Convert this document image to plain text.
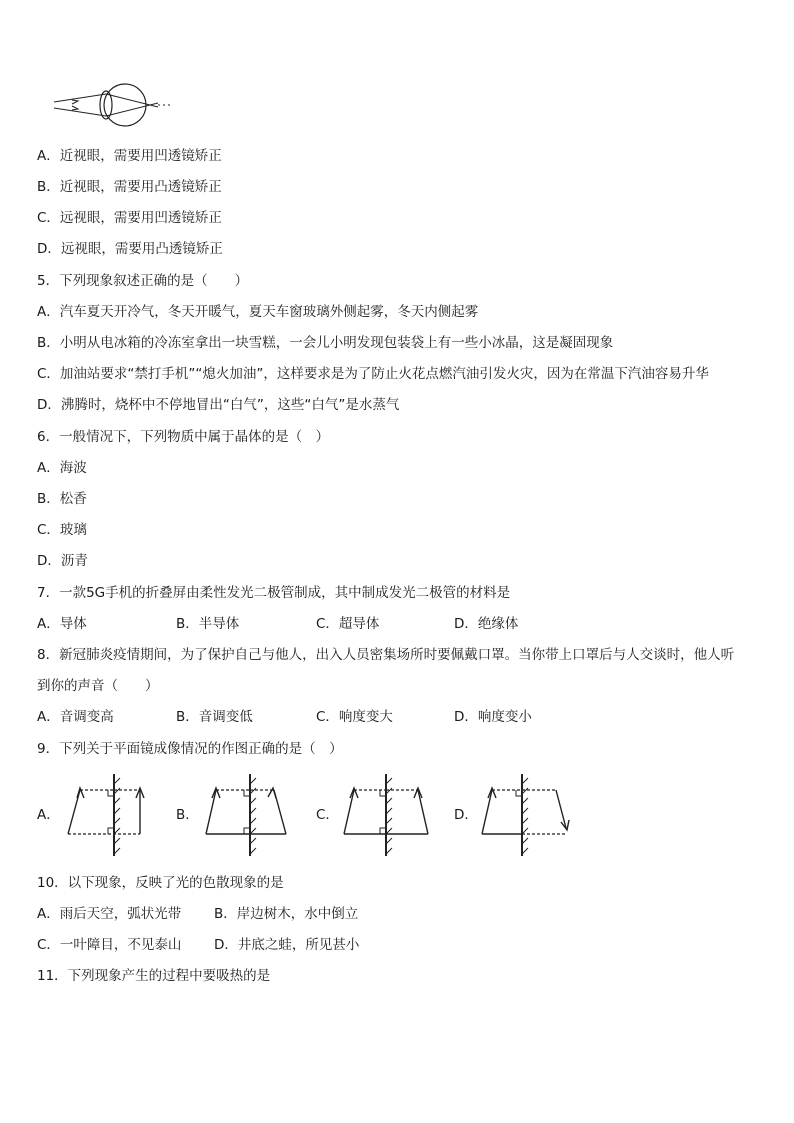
A．近视眼，需要用凹透镜矫正
B．近视眼，需要用凸透镜矫正
C．远视眼，需要用凹透镜矫正
D．远视眼，需要用凸透镜矫正
5．下列现象叙述正确的是（　　）
A．汽车夏天开冷气，冬天开暖气，夏天车窗玻璃外侧起雾，冬天内侧起雾
B．小明从电冰箱的冷冻室拿出一块雪糕，一会儿小明发现包装袋上有一些小冰晶，这是凝固现象
C．加油站要求“禁打手机”“熄火加油”，这样要求是为了防止火花点燃汽油引发火灾，因为在常温下汽油容易升华
D．沸腾时，烧杯中不停地冒出“白气”，这些“白气”是水蒸气
6．一般情况下，下列物质中属于晶体的是（　）
A．海波
B．松香
C．玻璃
D．沥青
7．一款5G手机的折叠屏由柔性发光二极管制成，其中制成发光二极管的材料是
A．导体	B．半导体	C．超导体	D．绝缘体
8．新冠肺炎疫情期间，为了保护自己与他人，出入人员密集场所时要佩戴口罩。当你带上口罩后与人交谈时，他人听
到你的声音（　　）
A．音调变高	B．音调变低	C．响度变大	D．响度变小
9．下列关于平面镜成像情况的作图正确的是（　）
A．	B．	C．	D．
10．以下现象，反映了光的色散现象的是
A．雨后天空，弧状光带 B．岸边树木，水中倒立
C．一叶障目，不见泰山 D．井底之蛙，所见甚小
11．下列现象产生的过程中要吸热的是
